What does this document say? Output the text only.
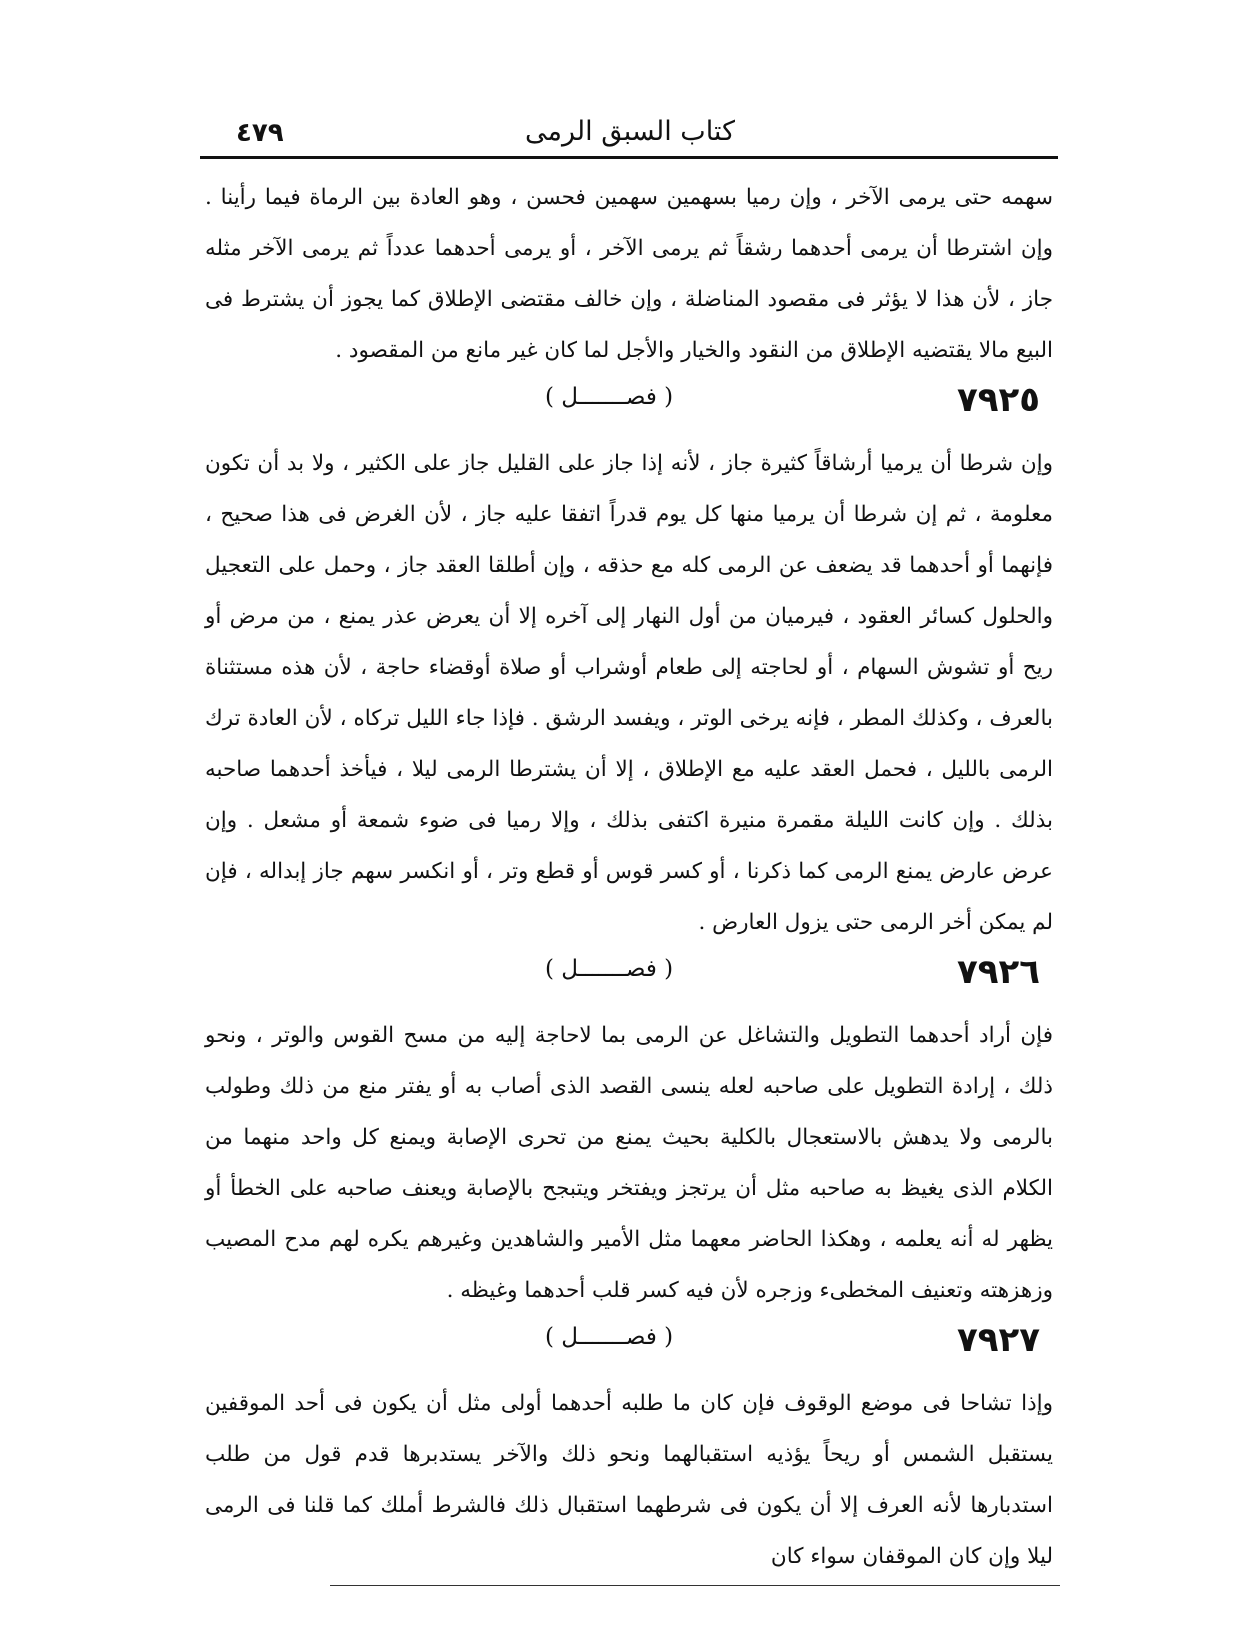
٤٧٩	كتاب السبق الرمى

سهمه حتى يرمى الآخر ، وإن رميا بسهمين سهمين فحسن ، وهو العادة بين الرماة فيما رأينا . وإن اشترطا أن يرمى أحدهما رشقاً ثم يرمى الآخر ، أو يرمى أحدهما عدداً ثم يرمى الآخر مثله جاز ، لأن هذا لا يؤثر فى مقصود المناضلة ، وإن خالف مقتضى الإطلاق كما يجوز أن يشترط فى البيع مالا يقتضيه الإطلاق من النقود والخيار والأجل لما كان غير مانع من المقصود .

( فصـــــــل )	٧٩٢٥

وإن شرطا أن يرميا أرشاقاً كثيرة جاز ، لأنه إذا جاز على القليل جاز على الكثير ، ولا بد أن تكون معلومة ، ثم إن شرطا أن يرميا منها كل يوم قدراً اتفقا عليه جاز ، لأن الغرض فى هذا صحيح ، فإنهما أو أحدهما قد يضعف عن الرمى كله مع حذقه ، وإن أطلقا العقد جاز ، وحمل على التعجيل والحلول كسائر العقود ، فيرميان من أول النهار إلى آخره إلا أن يعرض عذر يمنع ، من مرض أو ريح أو تشوش السهام ، أو لحاجته إلى طعام أوشراب أو صلاة أوقضاء حاجة ، لأن هذه مستثناة بالعرف ، وكذلك المطر ، فإنه يرخى الوتر ، ويفسد الرشق . فإذا جاء الليل تركاه ، لأن العادة ترك الرمى بالليل ، فحمل العقد عليه مع الإطلاق ، إلا أن يشترطا الرمى ليلا ، فيأخذ أحدهما صاحبه بذلك . وإن كانت الليلة مقمرة منيرة اكتفى بذلك ، وإلا رميا فى ضوء شمعة أو مشعل . وإن عرض عارض يمنع الرمى كما ذكرنا ، أو كسر قوس أو قطع وتر ، أو انكسر سهم جاز إبداله ، فإن لم يمكن أخر الرمى حتى يزول العارض .

( فصـــــــل )	٧٩٢٦

فإن أراد أحدهما التطويل والتشاغل عن الرمى بما لاحاجة إليه من مسح القوس والوتر ، ونحو ذلك ، إرادة التطويل على صاحبه لعله ينسى القصد الذى أصاب به أو يفتر منع من ذلك وطولب بالرمى ولا يدهش بالاستعجال بالكلية بحيث يمنع من تحرى الإصابة ويمنع كل واحد منهما من الكلام الذى يغيظ به صاحبه مثل أن يرتجز ويفتخر ويتبجح بالإصابة ويعنف صاحبه على الخطأ أو يظهر له أنه يعلمه ، وهكذا الحاضر معهما مثل الأمير والشاهدين وغيرهم يكره لهم مدح المصيب وزهزهته وتعنيف المخطىء وزجره لأن فيه كسر قلب أحدهما وغيظه .

( فصـــــــل )	٧٩٢٧

وإذا تشاحا فى موضع الوقوف فإن كان ما طلبه أحدهما أولى مثل أن يكون فى أحد الموقفين يستقبل الشمس أو ريحاً يؤذيه استقبالهما ونحو ذلك والآخر يستدبرها قدم قول من طلب استدبارها لأنه العرف إلا أن يكون فى شرطهما استقبال ذلك فالشرط أملك كما قلنا فى الرمى ليلا وإن كان الموقفان سواء كان
